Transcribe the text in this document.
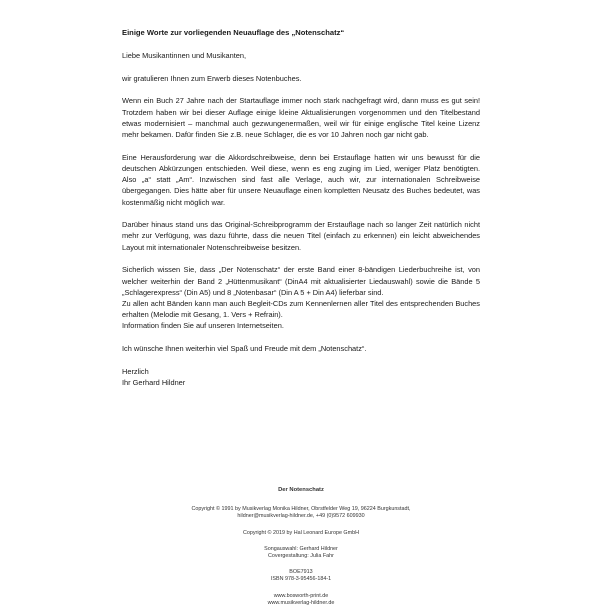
Einige Worte zur vorliegenden Neuauflage des „Notenschatz“
Liebe Musikantinnen und Musikanten,
wir gratulieren Ihnen zum Erwerb dieses Notenbuches.
Wenn ein Buch 27 Jahre nach der Startauflage immer noch stark nachgefragt wird, dann muss es gut sein! Trotzdem haben wir bei dieser Auflage einige kleine Aktualisierungen vorgenommen und den Titelbestand etwas modernisiert – manchmal auch gezwungenermaßen, weil wir für einige englische Titel keine Lizenz mehr bekamen. Dafür finden Sie z.B. neue Schlager, die es vor 10 Jahren noch gar nicht gab.
Eine Herausforderung war die Akkordschreibweise, denn bei Erstauflage hatten wir uns bewusst für die deutschen Abkürzungen entschieden. Weil diese, wenn es eng zuging im Lied, weniger Platz benötigten. Also „a“ statt „Am“. Inzwischen sind fast alle Verlage, auch wir, zur internationalen Schreibweise übergegangen. Dies hätte aber für unsere Neuauflage einen kompletten Neusatz des Buches bedeutet, was kostenmäßig nicht möglich war.
Darüber hinaus stand uns das Original-Schreibprogramm der Erstauflage nach so langer Zeit natürlich nicht mehr zur Verfügung, was dazu führte, dass die neuen Titel (einfach zu erkennen) ein leicht abweichendes Layout mit internationaler Notenschreibweise besitzen.
Sicherlich wissen Sie, dass „Der Notenschatz“ der erste Band einer 8-bändigen Liederbuchreihe ist, von welcher weiterhin der Band 2 „Hüttenmusikant“ (DinA4 mit aktualisierter Liedauswahl) sowie die Bände 5 „Schlagerexpress“ (Din A5) und 8 „Notenbasar“ (Din A 5 + Din A4) lieferbar sind.
Zu allen acht Bänden kann man auch Begleit-CDs zum Kennenlernen aller Titel des entsprechenden Buches erhalten (Melodie mit Gesang, 1. Vers + Refrain).
Information finden Sie auf unseren Internetseiten.
Ich wünsche Ihnen weiterhin viel Spaß und Freude mit dem „Notenschatz“.
Herzlich
Ihr Gerhard Hildner
Der Notenschatz
Copyright © 1991 by Musikverlag Monika Hildner, Obrstfelder Weg 19, 96224 Burgkunstadt,
hildner@musikverlag-hildner.de, +49 (0)9572 609930
Copyright © 2019 by Hal Leonard Europe GmbH
Songauswahl: Gerhard Hildner
Covergestaltung: Julia Fahr
BOE7913
ISBN 978-3-95456-184-1
www.bosworth-print.de
www.musikverlag-hildner.de
